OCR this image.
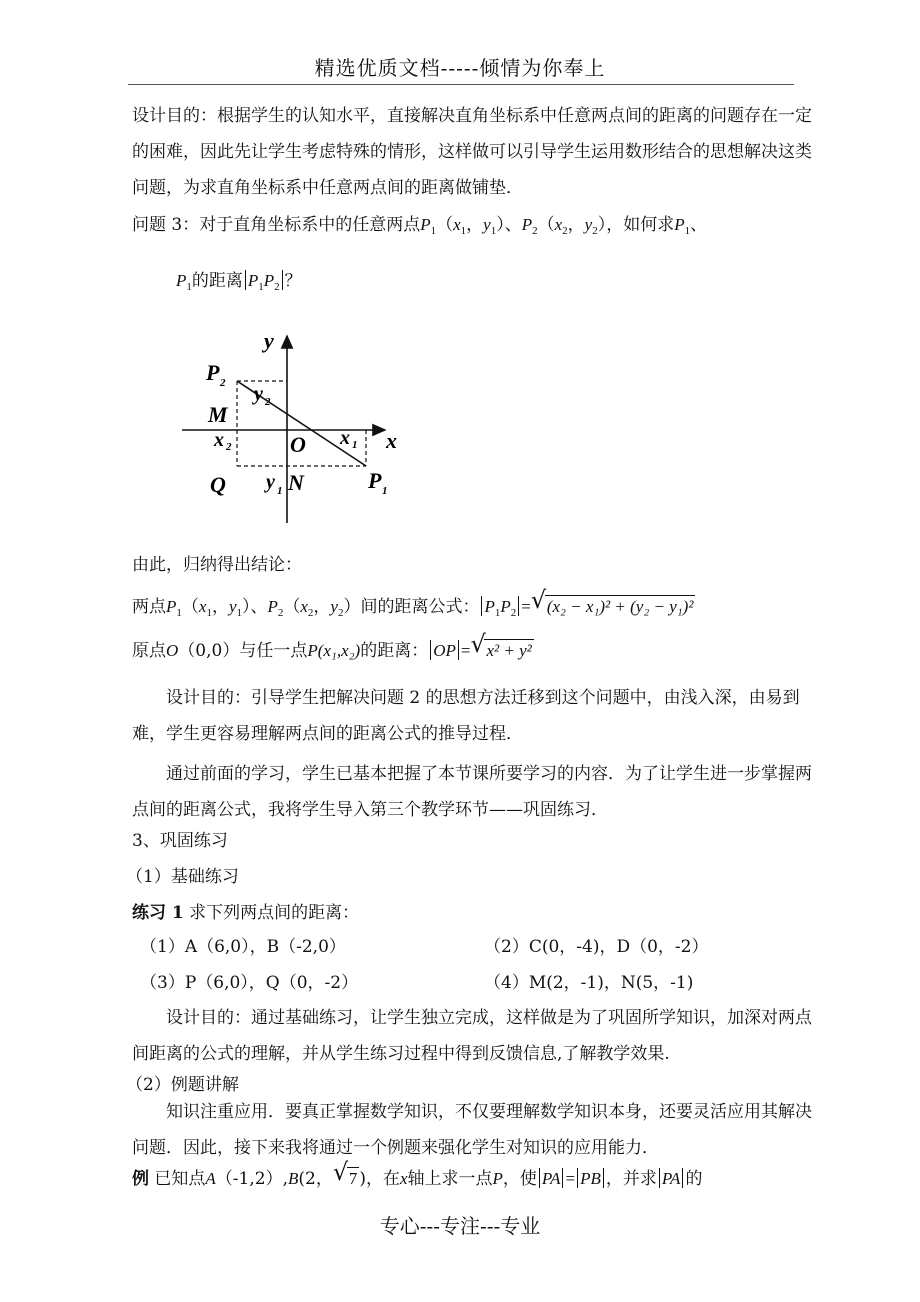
精选优质文档-----倾情为你奉上
设计目的：根据学生的认知水平，直接解决直角坐标系中任意两点间的距离的问题存在一定的困难，因此先让学生考虑特殊的情形，这样做可以引导学生运用数形结合的思想解决这类问题，为求直角坐标系中任意两点间的距离做铺垫．
问题 3：对于直角坐标系中的任意两点$P_1(x_1$，$y_1$）、$P_2(x_2$，$y_2$），如何求$P_1$、
$P_1$的距离 $P_1P_2$ ？
y
x
P 2 y 2
M
x 2	O x 1
Q y 1 N	P 1
由此，归纳得出结论：
两点$P_1(x_1$，$y_1$）、$P_2(x_2$，$y_2$）间的距离公式： $P_1P_2$ = √ (x₂ − x₁)² + (y₂ − y₁)²
原点O（0,0）与任一点P(x₁,x₂)的距离： OP = √ x² + y²
设计目的：引导学生把解决问题 2 的思想方法迁移到这个问题中，由浅入深，由易到难，学生更容易理解两点间的距离公式的推导过程．
通过前面的学习，学生已基本把握了本节课所要学习的内容．为了让学生进一步掌握两点间的距离公式，我将学生导入第三个教学环节——巩固练习．
3、巩固练习
（1）基础练习
练习 1 求下列两点间的距离：
（1）A（6,0），B（-2,0）	（2）C(0，-4)，D（0，-2）
（3）P（6,0），Q（0，-2）	（4）M(2，-1)，N(5，-1)
设计目的：通过基础练习，让学生独立完成，这样做是为了巩固所学知识，加深对两点间距离的公式的理解，并从学生练习过程中得到反馈信息,了解教学效果.
（2）例题讲解
知识注重应用．要真正掌握数学知识，不仅要理解数学知识本身，还要灵活应用其解决问题．因此，接下来我将通过一个例题来强化学生对知识的应用能力．
例 已知点A（-1,2）,B(2， √ 7 )，在x轴上求一点P，使 PA = PB ，并求 PA 的
专心---专注---专业
